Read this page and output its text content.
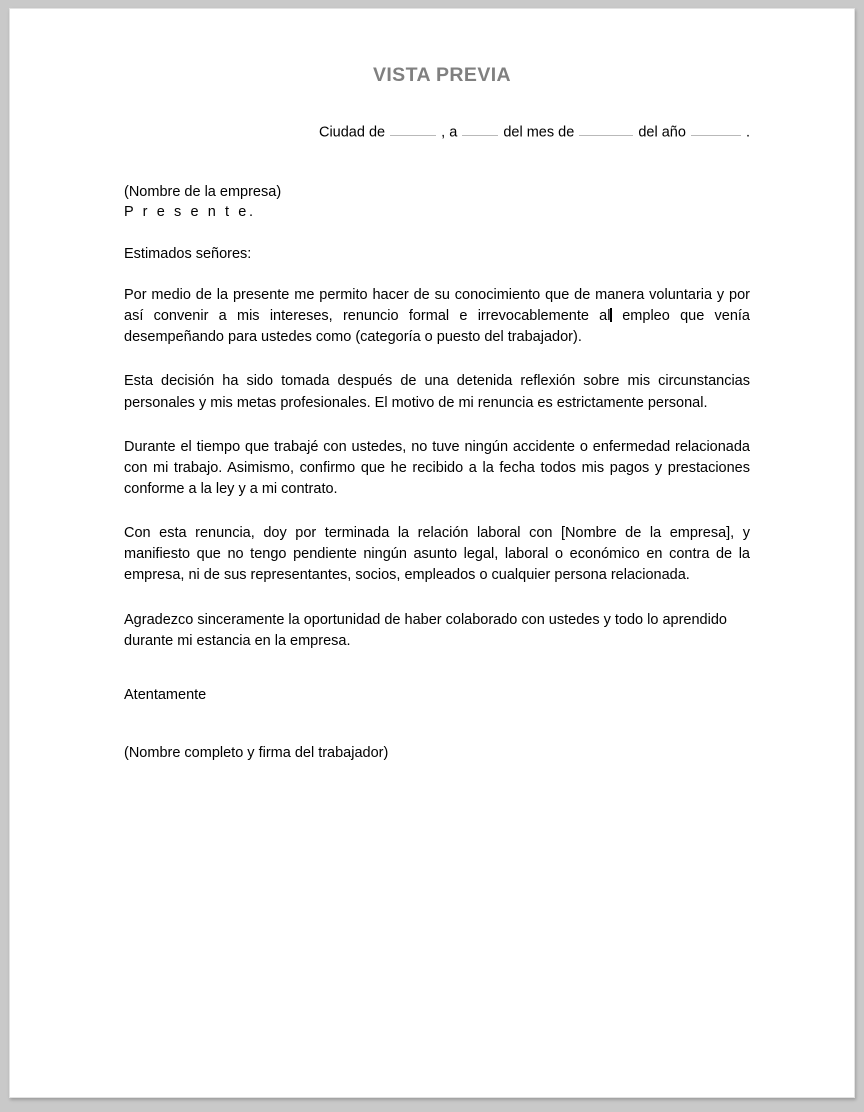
VISTA PREVIA
Ciudad de	, a	del mes de	del año	.
(Nombre de la empresa)
P r e s e n t e.
Estimados señores:

Por medio de la presente me permito hacer de su conocimiento que de manera voluntaria y por así convenir a mis intereses, renuncio formal e irrevocablemente al empleo que venía desempeñando para ustedes como (categoría o puesto del trabajador).

Esta decisión ha sido tomada después de una detenida reflexión sobre mis circunstancias personales y mis metas profesionales. El motivo de mi renuncia es estrictamente personal.

Durante el tiempo que trabajé con ustedes, no tuve ningún accidente o enfermedad relacionada con mi trabajo. Asimismo, confirmo que he recibido a la fecha todos mis pagos y prestaciones conforme a la ley y a mi contrato.

Con esta renuncia, doy por terminada la relación laboral con [Nombre de la empresa], y manifiesto que no tengo pendiente ningún asunto legal, laboral o económico en contra de la empresa, ni de sus representantes, socios, empleados o cualquier persona relacionada.

Agradezco sinceramente la oportunidad de haber colaborado con ustedes y todo lo aprendido durante mi estancia en la empresa.

Atentamente
(Nombre completo y firma del trabajador)
